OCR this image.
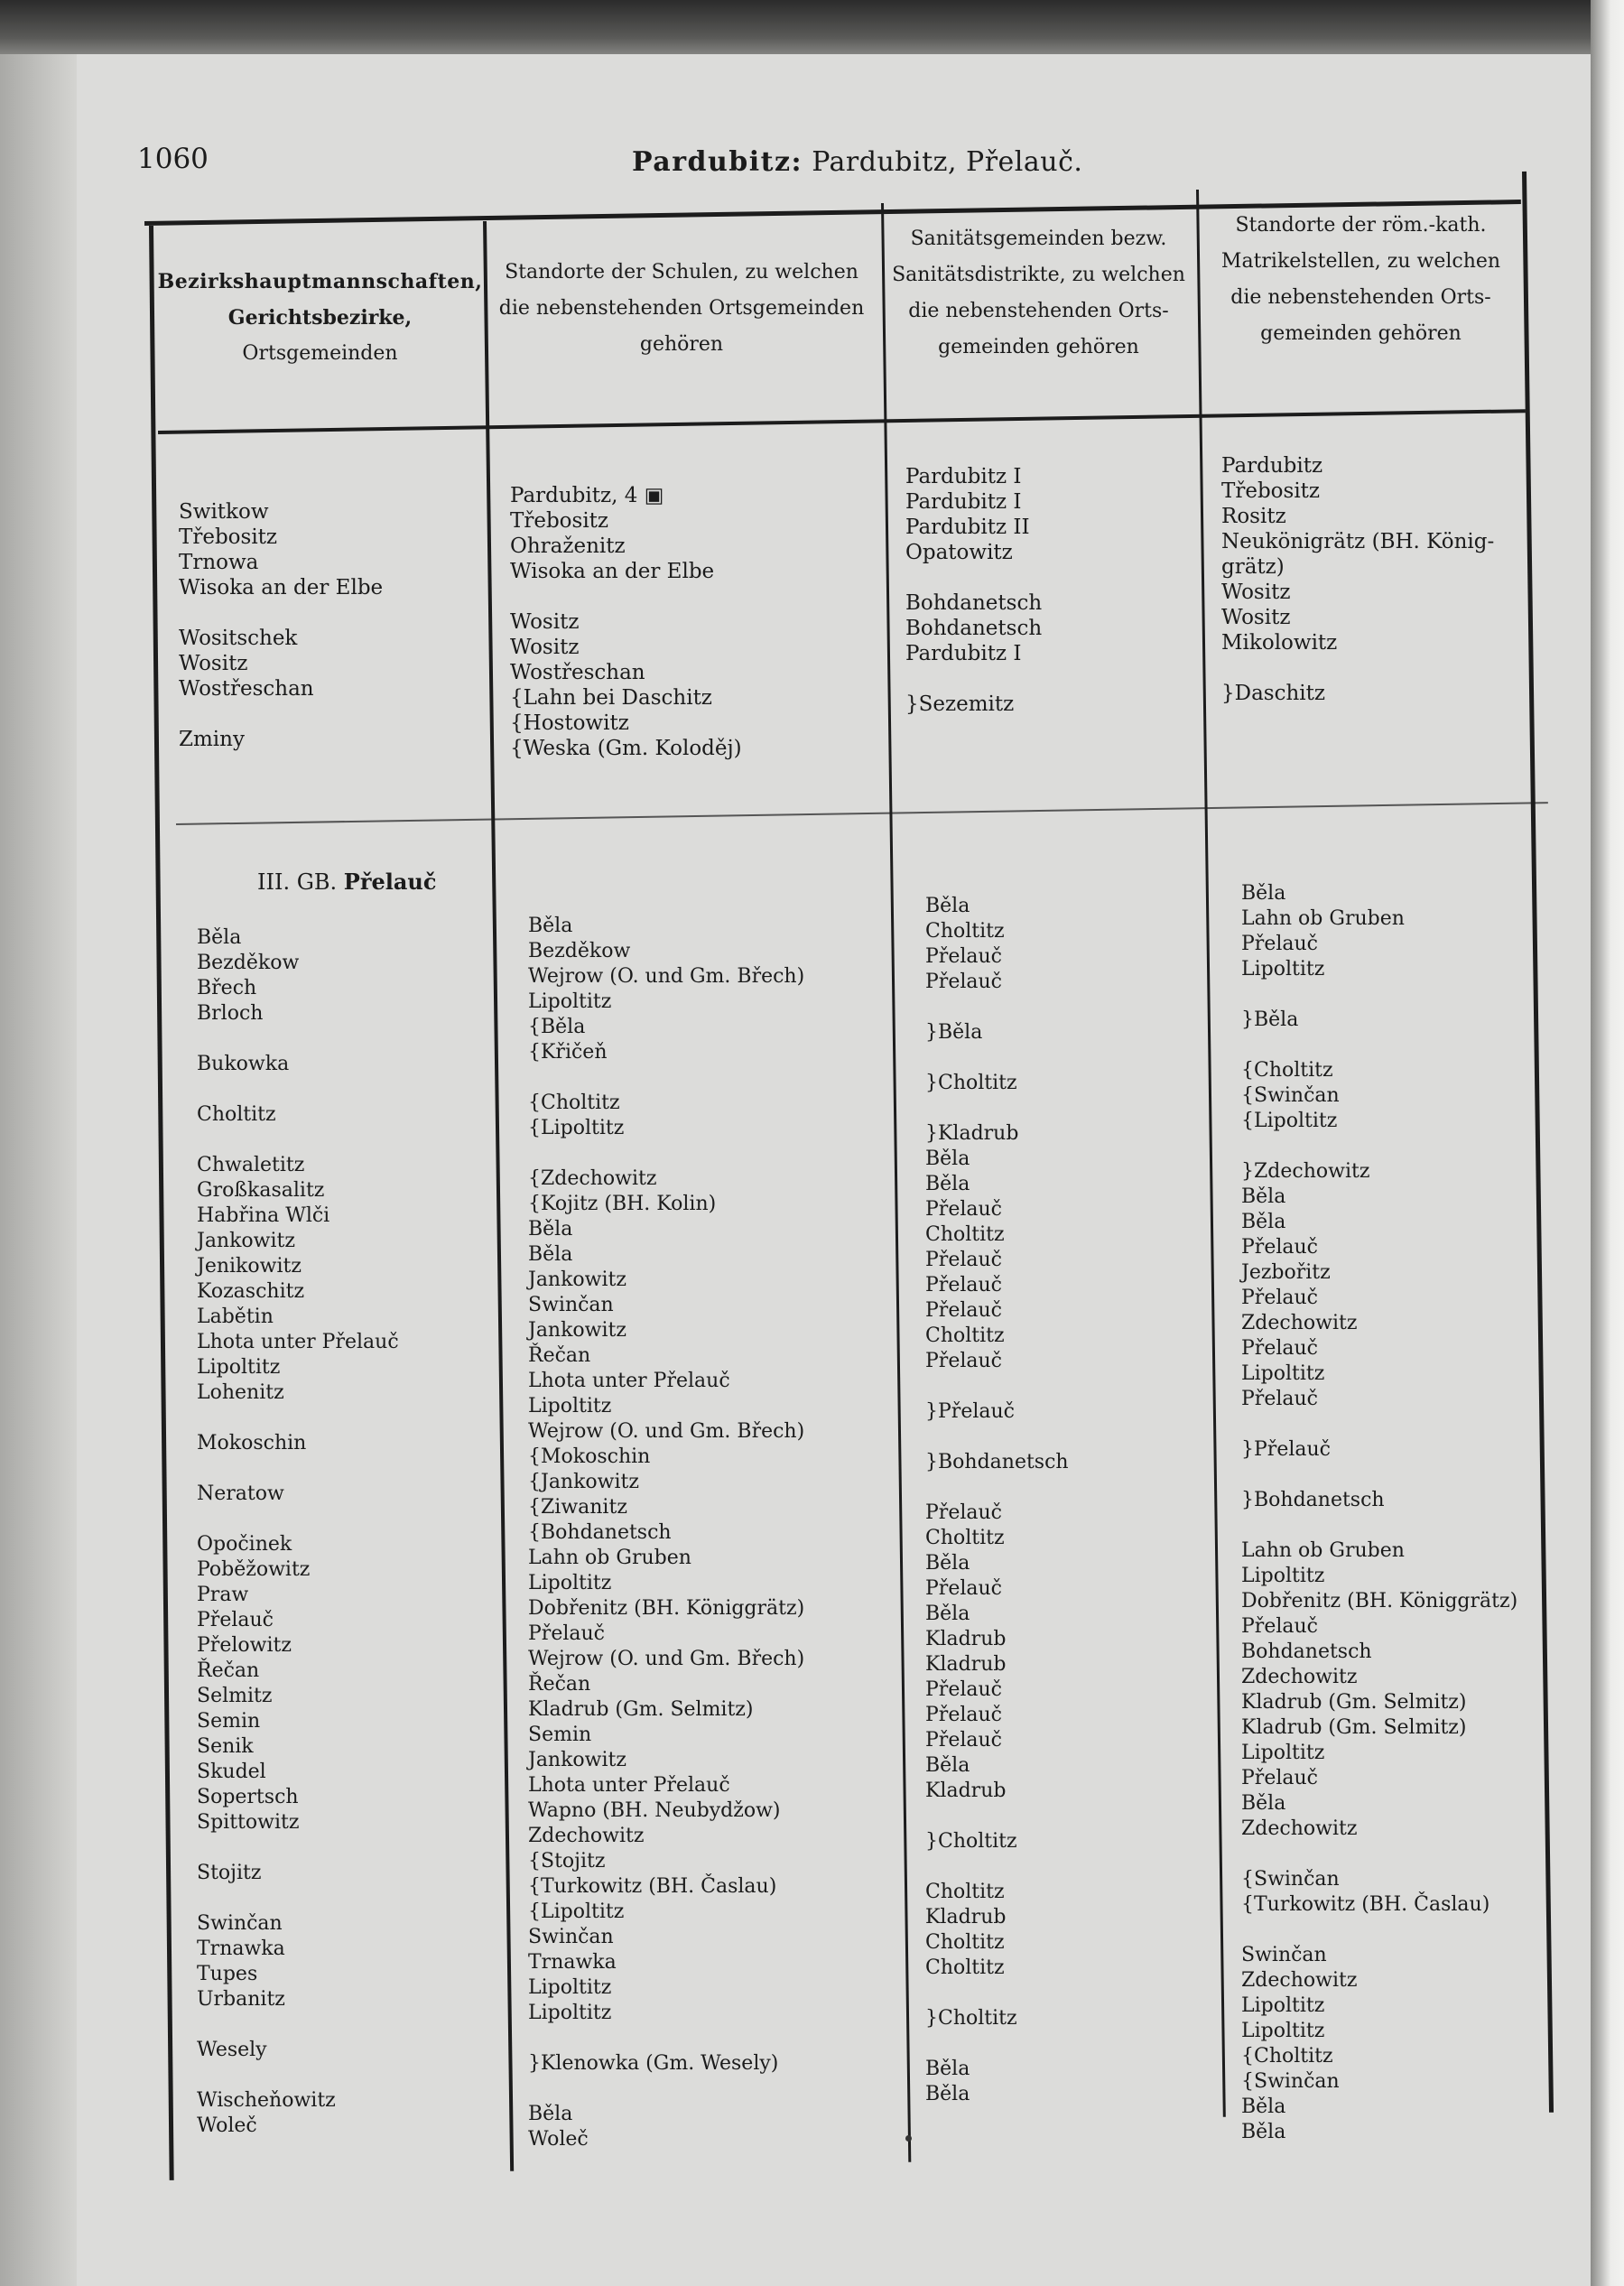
1060	Pardubitz: Pardubitz, Přelauč.
Bezirkshauptmannschaften,
Gerichtsbezirke,
Ortsgemeinden
Standorte der Schulen, zu welchen
die nebenstehenden Ortsgemeinden
gehören
Sanitätsgemeinden bezw.
Sanitätsdistrikte, zu welchen
die nebenstehenden Orts-
gemeinden gehören
Standorte der röm.-kath.
Matrikelstellen, zu welchen
die nebenstehenden Orts-
gemeinden gehören
Switkow
Třebositz
Trnowa
Wisoka an der Elbe
Wositschek
Wositz
Wostřeschan
Zminy
Pardubitz, 4 ▣
Třebositz
Ohraženitz
Wisoka an der Elbe
Wositz
Wositz
Wostřeschan
{Lahn bei Daschitz
{Hostowitz
{Weska (Gm. Koloděj)
Pardubitz I
Pardubitz I
Pardubitz II
Opatowitz
Bohdanetsch
Bohdanetsch
Pardubitz I
}Sezemitz
Pardubitz
Třebositz
Rositz
Neukönigrätz (BH. König-
grätz)
Wositz
Wositz
Mikolowitz
}Daschitz
III. GB. Přelauč
Běla
Bezděkow
Břech
Brloch
Bukowka
Choltitz
Chwaletitz
Großkasalitz
Habřina Wlči
Jankowitz
Jenikowitz
Kozaschitz
Labětin
Lhota unter Přelauč
Lipoltitz
Lohenitz
Mokoschin
Neratow
Opočinek
Poběžowitz
Praw
Přelauč
Přelowitz
Řečan
Selmitz
Semin
Senik
Skudel
Sopertsch
Spittowitz
Stojitz
Swinčan
Trnawka
Tupes
Urbanitz
Wesely
Wischeňowitz
Woleč
Běla
Bezděkow
Wejrow (O. und Gm. Břech)
Lipoltitz
{Běla
{Křičeň
{Choltitz
{Lipoltitz
{Zdechowitz
{Kojitz (BH. Kolin)
Běla
Běla
Jankowitz
Swinčan
Jankowitz
Řečan
Lhota unter Přelauč
Lipoltitz
Wejrow (O. und Gm. Břech)
{Mokoschin
{Jankowitz
{Ziwanitz
{Bohdanetsch
Lahn ob Gruben
Lipoltitz
Dobřenitz (BH. Königgrätz)
Přelauč
Wejrow (O. und Gm. Břech)
Řečan
Kladrub (Gm. Selmitz)
Semin
Jankowitz
Lhota unter Přelauč
Wapno (BH. Neubydžow)
Zdechowitz
{Stojitz
{Turkowitz (BH. Časlau)
{Lipoltitz
Swinčan
Trnawka
Lipoltitz
Lipoltitz
}Klenowka (Gm. Wesely)
Běla
Woleč
Běla
Choltitz
Přelauč
Přelauč
}Běla
}Choltitz
}Kladrub
Běla
Běla
Přelauč
Choltitz
Přelauč
Přelauč
Přelauč
Choltitz
Přelauč
}Přelauč
}Bohdanetsch
Přelauč
Choltitz
Běla
Přelauč
Běla
Kladrub
Kladrub
Přelauč
Přelauč
Přelauč
Běla
Kladrub
}Choltitz
Choltitz
Kladrub
Choltitz
Choltitz
}Choltitz
Běla
Běla
Běla
Lahn ob Gruben
Přelauč
Lipoltitz
}Běla
{Choltitz
{Swinčan
{Lipoltitz
}Zdechowitz
Běla
Běla
Přelauč
Jezbořitz
Přelauč
Zdechowitz
Přelauč
Lipoltitz
Přelauč
}Přelauč
}Bohdanetsch
Lahn ob Gruben
Lipoltitz
Dobřenitz (BH. Königgrätz)
Přelauč
Bohdanetsch
Zdechowitz
Kladrub (Gm. Selmitz)
Kladrub (Gm. Selmitz)
Lipoltitz
Přelauč
Běla
Zdechowitz
{Swinčan
{Turkowitz (BH. Časlau)
Swinčan
Zdechowitz
Lipoltitz
Lipoltitz
{Choltitz
{Swinčan
Běla
Běla
